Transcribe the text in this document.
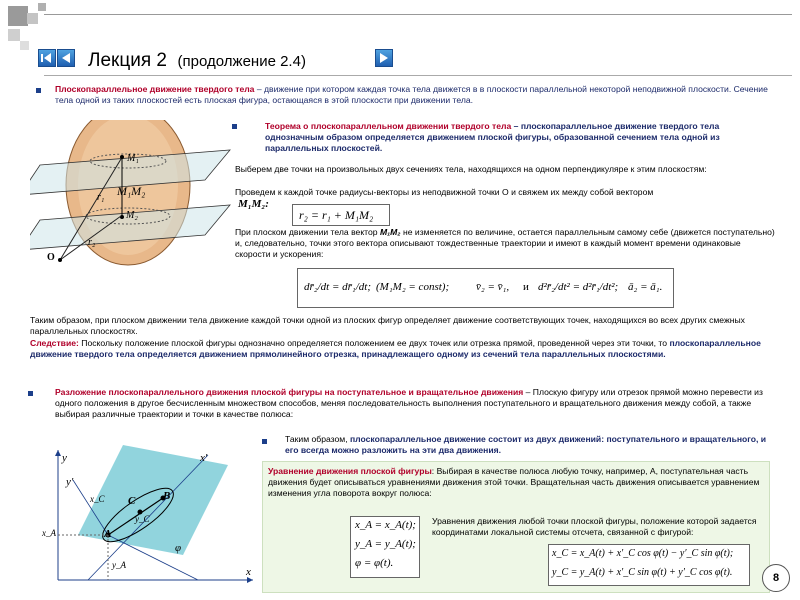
Лекция 2 (продолжение 2.4)
Плоскопараллельное движение твердого тела – движение при котором каждая точка тела движется в в плоскости параллельной некоторой неподвижной плоскости. Сечение тела одной из таких плоскостей есть плоская фигура, остающаяся в этой плоскости при движении тела.
M₁
M₁M₂
M₂
r₁
r₂
O
Теорема о плоскопараллельном движении твердого тела – плоскопараллельное движение твердого тела однозначным образом определяется движением плоской фигуры, образованной сечением тела одной из параллельных плоскостей.
Выберем две точки на произвольных двух сечениях тела, находящихся на одном перпендикуляре к этим плоскостям:
Проведем к каждой точке радиусы-векторы из неподвижной точки О и свяжем их между собой вектором
M₁M₂:
r₂ = r₁ + M₁M₂
При плоском движении тела вектор M₁M₂ не изменяется по величине, остается параллельным самому себе (движется поступательно) и, следовательно, точки этого вектора описывают тождественные траектории и имеют в каждый момент времени одинаковые скорости и ускорения:
dr̄₂/dt = dr̄₁/dt; (M₁M₂ = const); v̄₂ = v̄₁, и d²r̄₂/dt² = d²r̄₁/dt²; ā₂ = ā₁.
Таким образом, при плоском движении тела движение каждой точки одной из плоских фигур определяет движение соответствующих точек, находящихся во всех других смежных параллельных плоскостях.
Следствие: Поскольку положение плоской фигуры однозначно определяется положением ее двух точек или отрезка прямой, проведенной через эти точки, то плоскопараллельное движение твердого тела определяется движением прямолинейного отрезка, принадлежащего одному из сечений тела параллельных плоскостями.
Разложение плоскопараллельного движения плоской фигуры на поступательное и вращательное движения – Плоскую фигуру или отрезок прямой можно перевести из одного положения в другое бесчисленным множеством способов, меняя последовательность выполнения поступательного и вращательного движения между собой, а также выбирая различные траектории и точки в качестве полюса:
y
x
y′
x′
A
C	B
x_A
y_A
x_C
y_C
φ
Таким образом, плоскопараллельное движение состоит из двух движений: поступательного и вращательного, и его всегда можно разложить на эти два движения.
Уравнение движения плоской фигуры: Выбирая в качестве полюса любую точку, например, A, поступательная часть движения будет описываться уравнениями движения этой точки. Вращательная часть движения описывается уравнением изменения угла поворота вокруг полюса:
x_A = x_A(t);
y_A = y_A(t);
φ = φ(t).
Уравнения движения любой точки плоской фигуры, положение которой задается координатами локальной системы отсчета, связанной с фигурой:
x_C = x_A(t) + x′_C cos φ(t) − y′_C sin φ(t);
y_C = y_A(t) + x′_C sin φ(t) + y′_C cos φ(t).	8
